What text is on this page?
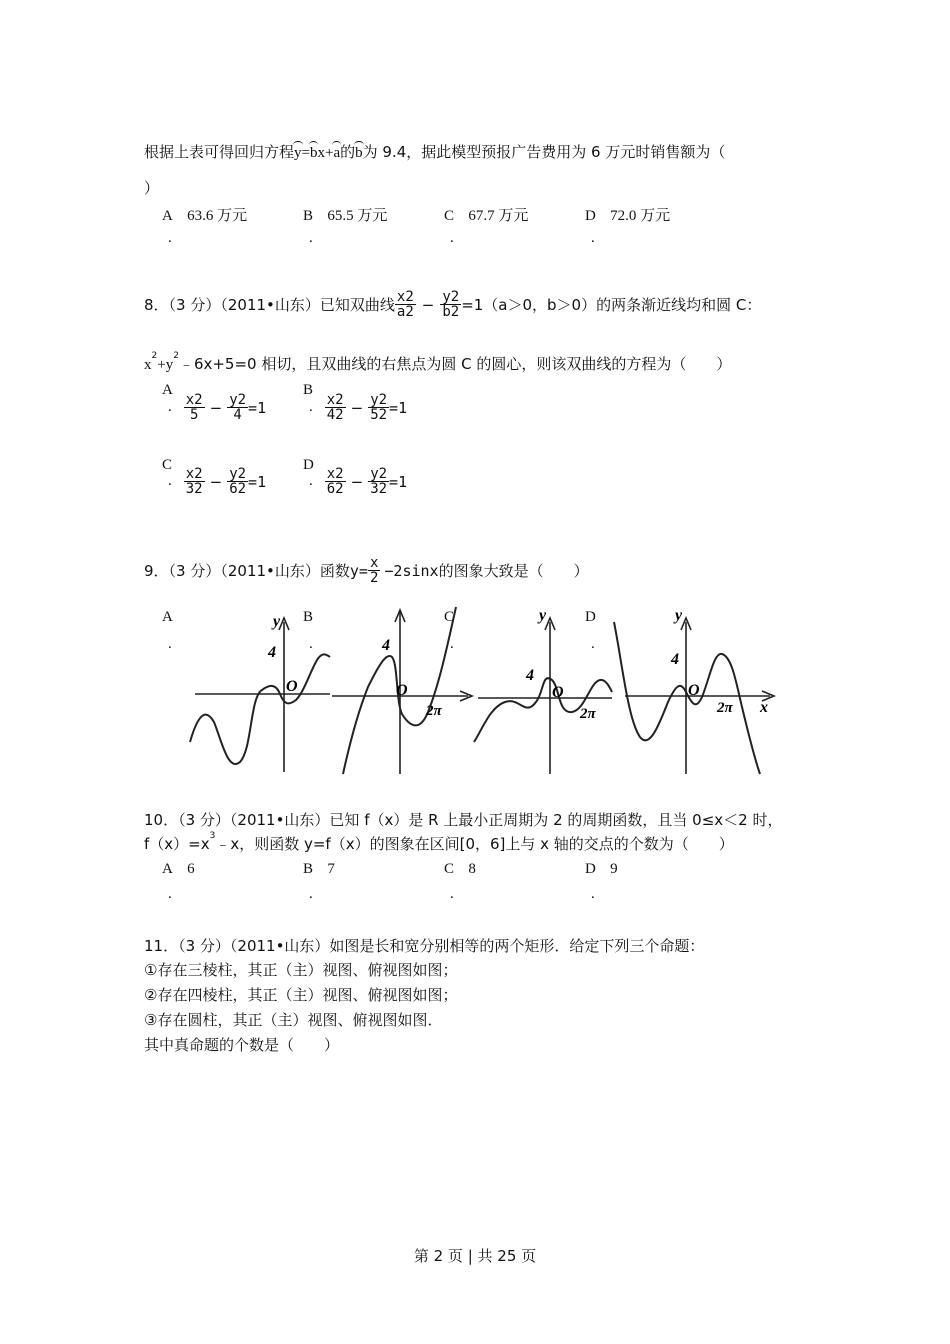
根据上表可得回归方程y=bx+a的b为 9.4，据此模型预报广告费用为 6 万元时销售额为（
）
A 63.6 万元
.
B 65.5 万元
.
C 67.7 万元
.
D 72.0 万元
.
8．（3 分）（2011•山东）已知双曲线 $\frac{x2}{a2} - \frac{y2}{b2} =1(a>0$，b＞0）的两条渐近线均和圆 C：
$x^2+y^2﹣6x+5=0$ 相切，且双曲线的右焦点为圆 C 的圆心，则该双曲线的方程为（　　）
A
. $\frac{x2}{5} - \frac{y2}{4} =1$
B
. $\frac{x2}{42} - \frac{y2}{52} =1$
C
. $\frac{x2}{32} - \frac{y2}{62} =1$
D
. $\frac{x2}{62} - \frac{y2}{32} =1$
9．（3 分）（2011•山东）函数 $y= \frac{x}{2} -2\sin x$ 的图象大致是（　　）
A
.
B
.
C
.
D
.
y
4
O
4
O
2π
y
4
O
2π
y
4
O
2π x
10．（3 分）（2011•山东）已知 f（x）是 R 上最小正周期为 2 的周期函数，且当 0≤x＜2 时，
$f(x)=x^3﹣x$，则函数 y=f（x）的图象在区间[0，6]上与 x 轴的交点的个数为（　　）
A 6
.
B 7
.
C 8
.
D 9
.
11．（3 分）（2011•山东）如图是长和宽分别相等的两个矩形．给定下列三个命题：
①存在三棱柱，其正（主）视图、俯视图如图；
②存在四棱柱，其正（主）视图、俯视图如图；
③存在圆柱，其正（主）视图、俯视图如图．
其中真命题的个数是（　　）
第 2 页 | 共 25 页
